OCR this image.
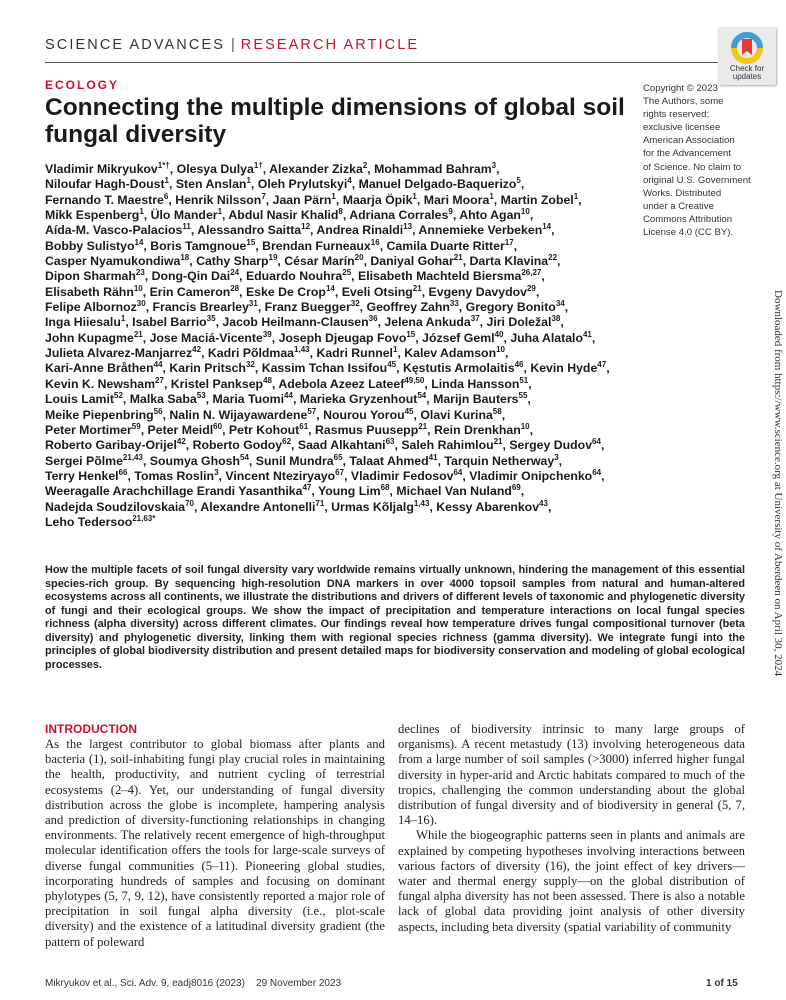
SCIENCE ADVANCES | RESEARCH ARTICLE
Check for
updates
ECOLOGY
Connecting the multiple dimensions of global soil fungal diversity
Copyright © 2023
The Authors, some
rights reserved;
exclusive licensee
American Association
for the Advancement
of Science. No claim to
original U.S. Government
Works. Distributed
under a Creative
Commons Attribution
License 4.0 (CC BY).
Vladimir Mikryukov$^{1*\dagger}$, Olesya Dulya$^{1\dagger}$, Alexander Zizka$^2$, Mohammad Bahram$^3$,
Niloufar Hagh-Doust$^1$, Sten Anslan$^1$, Oleh Prylutskyi$^4$, Manuel Delgado-Baquerizo$^5$,
Fernando T. Maestre$^6$, Henrik Nilsson$^7$, Jaan Pärn$^1$, Maarja Öpik$^1$, Mari Moora$^1$, Martin Zobel$^1$,
Mikk Espenberg$^1$, Ülo Mander$^1$, Abdul Nasir Khalid$^8$, Adriana Corrales$^9$, Ahto Agan$^{10}$,
Aída-M. Vasco-Palacios$^{11}$, Alessandro Saitta$^{12}$, Andrea Rinaldi$^{13}$, Annemieke Verbeken$^{14}$,
Bobby Sulistyo$^{14}$, Boris Tamgnoue$^{15}$, Brendan Furneaux$^{16}$, Camila Duarte Ritter$^{17}$,
Casper Nyamukondiwa$^{18}$, Cathy Sharp$^{19}$, César Marín$^{20}$, Daniyal Gohar$^{21}$, Darta Klavina$^{22}$,
Dipon Sharmah$^{23}$, Dong-Qin Dai$^{24}$, Eduardo Nouhra$^{25}$, Elisabeth Machteld Biersma$^{26,27}$,
Elisabeth Rähn$^{10}$, Erin Cameron$^{28}$, Eske De Crop$^{14}$, Eveli Otsing$^{21}$, Evgeny Davydov$^{29}$,
Felipe Albornoz$^{30}$, Francis Brearley$^{31}$, Franz Buegger$^{32}$, Geoffrey Zahn$^{33}$, Gregory Bonito$^{34}$,
Inga Hiiesalu$^1$, Isabel Barrio$^{35}$, Jacob Heilmann-Clausen$^{36}$, Jelena Ankuda$^{37}$, Jiri Doležal$^{38}$,
John Kupagme$^{21}$, Jose Maciá-Vicente$^{39}$, Joseph Djeugap Fovo$^{15}$, József Geml$^{40}$, Juha Alatalo$^{41}$,
Julieta Alvarez-Manjarrez$^{42}$, Kadri Põldmaa$^{1,43}$, Kadri Runnel$^1$, Kalev Adamson$^{10}$,
Kari-Anne Bråthen$^{44}$, Karin Pritsch$^{32}$, Kassim Tchan Issifou$^{45}$, Kęstutis Armolaitis$^{46}$, Kevin Hyde$^{47}$,
Kevin K. Newsham$^{27}$, Kristel Panksep$^{48}$, Adebola Azeez Lateef$^{49,50}$, Linda Hansson$^{51}$,
Louis Lamit$^{52}$, Malka Saba$^{53}$, Maria Tuomi$^{44}$, Marieka Gryzenhout$^{54}$, Marijn Bauters$^{55}$,
Meike Piepenbring$^{56}$, Nalin N. Wijayawardene$^{57}$, Nourou Yorou$^{45}$, Olavi Kurina$^{58}$,
Peter Mortimer$^{59}$, Peter Meidl$^{60}$, Petr Kohout$^{61}$, Rasmus Puusepp$^{21}$, Rein Drenkhan$^{10}$,
Roberto Garibay-Orijel$^{42}$, Roberto Godoy$^{62}$, Saad Alkahtani$^{63}$, Saleh Rahimlou$^{21}$, Sergey Dudov$^{64}$,
Sergei Põlme$^{21,43}$, Soumya Ghosh$^{54}$, Sunil Mundra$^{65}$, Talaat Ahmed$^{41}$, Tarquin Netherway$^3$,
Terry Henkel$^{66}$, Tomas Roslin$^3$, Vincent Nteziryayo$^{67}$, Vladimir Fedosov$^{64}$, Vladimir Onipchenko$^{64}$,
Weeragalle Arachchillage Erandi Yasanthika$^{47}$, Young Lim$^{68}$, Michael Van Nuland$^{69}$,
Nadejda Soudzilovskaia$^{70}$, Alexandre Antonelli$^{71}$, Urmas Kõljalg$^{1,43}$, Kessy Abarenkov$^{43}$,
Leho Tedersoo$^{21,63*}$
How the multiple facets of soil fungal diversity vary worldwide remains virtually unknown, hindering the management of this essential species-rich group. By sequencing high-resolution DNA markers in over 4000 topsoil samples from natural and human-altered ecosystems across all continents, we illustrate the distributions and drivers of different levels of taxonomic and phylogenetic diversity of fungi and their ecological groups. We show the impact of precipitation and temperature interactions on local fungal species richness (alpha diversity) across different climates. Our findings reveal how temperature drives fungal compositional turnover (beta diversity) and phylogenetic diversity, linking them with regional species richness (gamma diversity). We integrate fungi into the principles of global biodiversity distribution and present detailed maps for biodiversity conservation and modeling of global ecological processes.
INTRODUCTION
As the largest contributor to global biomass after plants and bacteria (1), soil-inhabiting fungi play crucial roles in maintaining the health, productivity, and nutrient cycling of terrestrial ecosystems (2–4). Yet, our understanding of fungal diversity distribution across the globe is incomplete, hampering analysis and prediction of diversity-functioning relationships in changing environments. The relatively recent emergence of high-throughput molecular identification offers the tools for large-scale surveys of diverse fungal communities (5–11). Pioneering global studies, incorporating hundreds of samples and focusing on dominant phylotypes (5, 7, 9, 12), have consistently reported a major role of precipitation in soil fungal alpha diversity (i.e., plot-scale diversity) and the existence of a latitudinal diversity gradient (the pattern of poleward
declines of biodiversity intrinsic to many large groups of organisms). A recent metastudy (13) involving heterogeneous data from a large number of soil samples (>3000) inferred higher fungal diversity in hyper-arid and Arctic habitats compared to much of the tropics, challenging the common understanding about the global distribution of fungal diversity and of biodiversity in general (5, 7, 14–16).
While the biogeographic patterns seen in plants and animals are explained by competing hypotheses involving interactions between various factors of diversity (16), the joint effect of key drivers—water and thermal energy supply—on the global distribution of fungal alpha diversity has not been assessed. There is also a notable lack of global data providing joint analysis of other diversity aspects, including beta diversity (spatial variability of community
Mikryukov et al., Sci. Adv. 9, eadj8016 (2023)    29 November 2023	1 of 15
Downloaded from https://www.science.org at University of Aberdeen on April 30, 2024
